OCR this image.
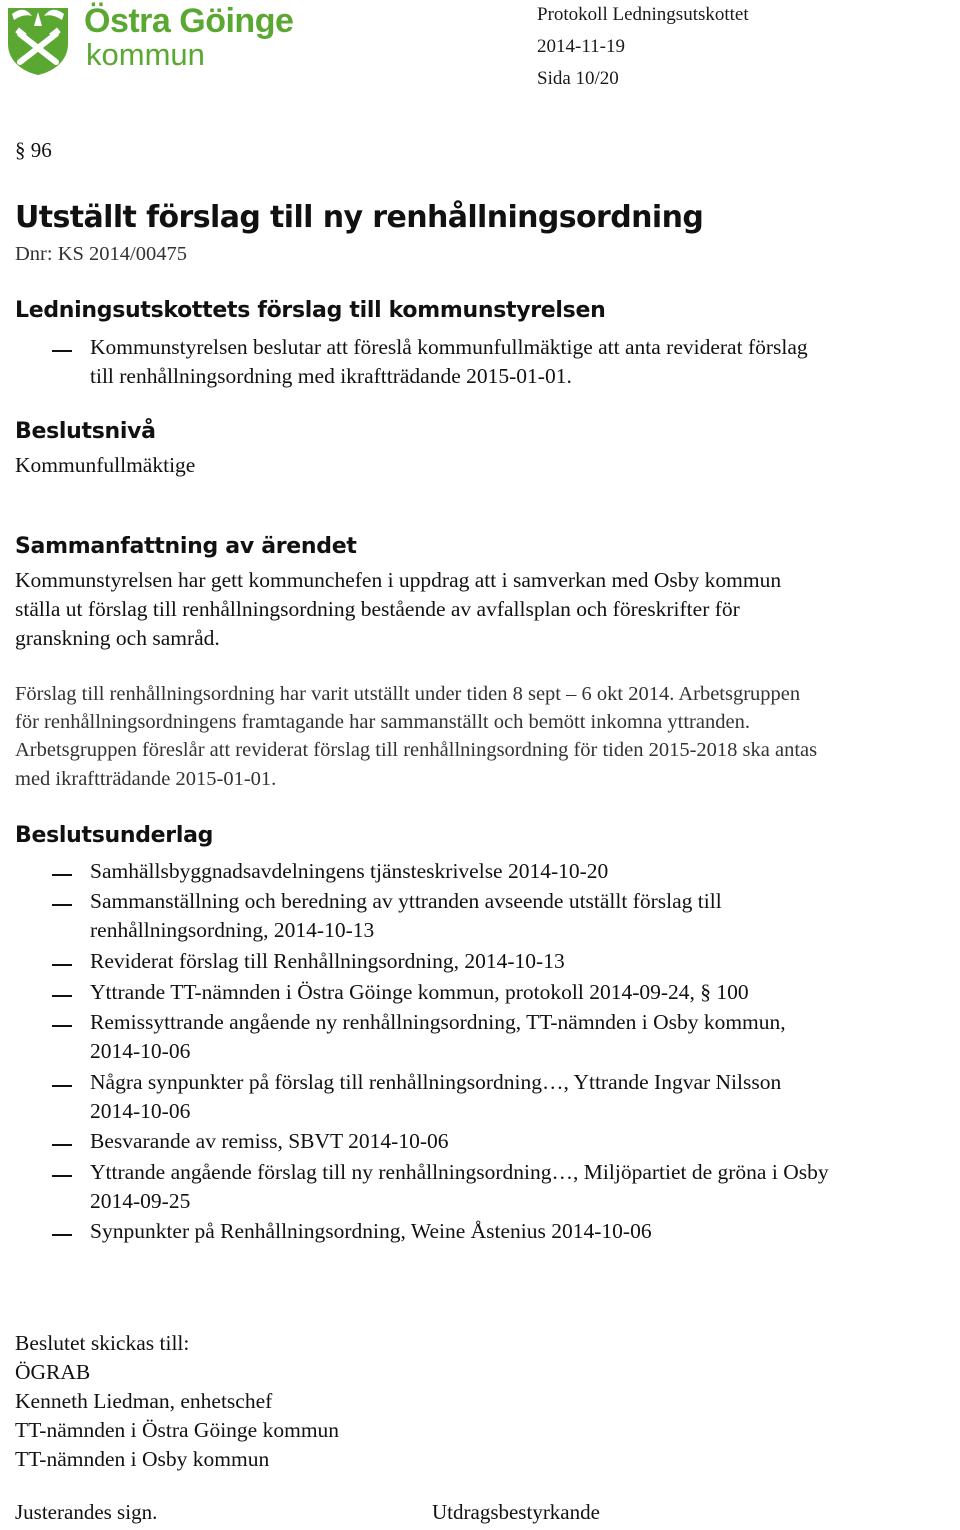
Östra Göinge
kommun
Protokoll Ledningsutskottet
2014-11-19
Sida 10/20
§ 96
Utställt förslag till ny renhållningsordning
Dnr: KS 2014/00475
Ledningsutskottets förslag till kommunstyrelsen
Kommunstyrelsen beslutar att föreslå kommunfullmäktige att anta reviderat förslag
till renhållningsordning med ikraftträdande 2015-01-01.
Beslutsnivå
Kommunfullmäktige
Sammanfattning av ärendet
Kommunstyrelsen har gett kommunchefen i uppdrag att i samverkan med Osby kommun
ställa ut förslag till renhållningsordning bestående av avfallsplan och föreskrifter för
granskning och samråd.
Förslag till renhållningsordning har varit utställt under tiden 8 sept – 6 okt 2014. Arbetsgruppen
för renhållningsordningens framtagande har sammanställt och bemött inkomna yttranden.
Arbetsgruppen föreslår att reviderat förslag till renhållningsordning för tiden 2015-2018 ska antas
med ikraftträdande 2015-01-01.
Beslutsunderlag
Samhällsbyggnadsavdelningens tjänsteskrivelse 2014-10-20
Sammanställning och beredning av yttranden avseende utställt förslag till
renhållningsordning, 2014-10-13
Reviderat förslag till Renhållningsordning, 2014-10-13
Yttrande TT-nämnden i Östra Göinge kommun, protokoll 2014-09-24, § 100
Remissyttrande angående ny renhållningsordning, TT-nämnden i Osby kommun,
2014-10-06
Några synpunkter på förslag till renhållningsordning…, Yttrande Ingvar Nilsson
2014-10-06
Besvarande av remiss, SBVT 2014-10-06
Yttrande angående förslag till ny renhållningsordning…, Miljöpartiet de gröna i Osby
2014-09-25
Synpunkter på Renhållningsordning, Weine Åstenius 2014-10-06
Beslutet skickas till:
ÖGRAB
Kenneth Liedman, enhetschef
TT-nämnden i Östra Göinge kommun
TT-nämnden i Osby kommun
Justerandes sign.	Utdragsbestyrkande
